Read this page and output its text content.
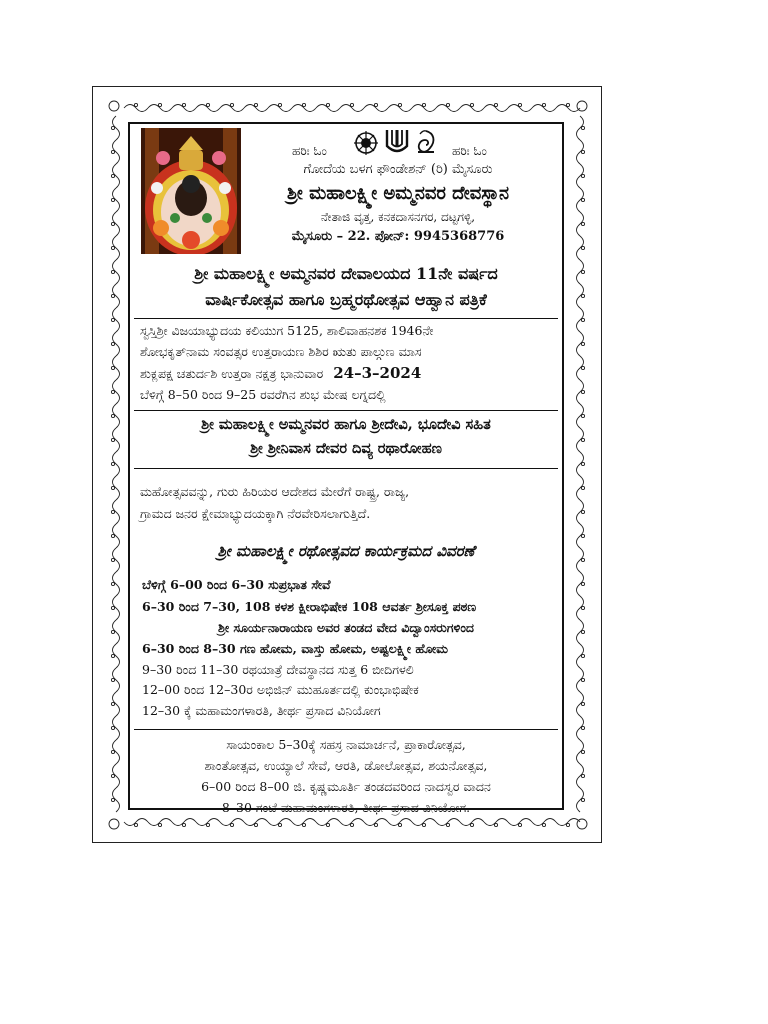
ಹರಿಃ ಓಂ	ಹರಿಃ ಓಂ
ಗೋದೆಯ ಬಳಗ ಫೌಂಡೇಶನ್ (ರಿ) ಮೈಸೂರು
ಶ್ರೀ ಮಹಾಲಕ್ಷ್ಮೀ ಅಮ್ಮನವರ ದೇವಸ್ಥಾನ
ನೇತಾಜಿ ವೃತ್ತ, ಕನಕದಾಸನಗರ, ದಟ್ಟಗಳ್ಳಿ,
ಮೈಸೂರು – 22. ಪೋನ್: 9945368776
ಶ್ರೀ ಮಹಾಲಕ್ಷ್ಮೀ ಅಮ್ಮನವರ ದೇವಾಲಯದ 11ನೇ ವರ್ಷದ
ವಾರ್ಷಿಕೋತ್ಸವ ಹಾಗೂ ಬ್ರಹ್ಮರಥೋತ್ಸವ ಆಹ್ವಾನ ಪತ್ರಿಕೆ
ಸ್ವಸ್ತಿಶ್ರೀ ವಿಜಯಾಭ್ಯುದಯ ಕಲಿಯುಗ 5125, ಶಾಲಿವಾಹನಶಕ 1946ನೇ
ಶೋಭಕೃತ್‌ನಾಮ ಸಂವತ್ಸರ ಉತ್ತರಾಯಣ ಶಿಶಿರ ಋತು ಪಾಲ್ಗುಣ ಮಾಸ
ಶುಕ್ಲಪಕ್ಷ ಚತುರ್ದಶಿ ಉತ್ತರಾ ನಕ್ಷತ್ರ ಭಾನುವಾರ 24–3–2024
ಬೆಳಿಗ್ಗೆ 8–50 ರಿಂದ 9–25 ರವರೆಗಿನ ಶುಭ ಮೇಷ ಲಗ್ನದಲ್ಲಿ
ಶ್ರೀ ಮಹಾಲಕ್ಷ್ಮೀ ಅಮ್ಮನವರ ಹಾಗೂ ಶ್ರೀದೇವಿ, ಭೂದೇವಿ ಸಹಿತ
ಶ್ರೀ ಶ್ರೀನಿವಾಸ ದೇವರ ದಿವ್ಯ ರಥಾರೋಹಣ
ಮಹೋತ್ಸವವನ್ನು, ಗುರು ಹಿರಿಯರ ಆದೇಶದ ಮೇರೆಗೆ ರಾಷ್ಟ್ರ, ರಾಜ್ಯ,
ಗ್ರಾಮದ ಜನರ ಕ್ಷೇಮಾಭ್ಯುದಯಕ್ಕಾಗಿ ನೆರವೇರಿಸಲಾಗುತ್ತಿದೆ.
ಶ್ರೀ ಮಹಾಲಕ್ಷ್ಮೀ ರಥೋತ್ಸವದ ಕಾರ್ಯಕ್ರಮದ ವಿವರಣೆ
ಬೆಳಿಗ್ಗೆ 6–00 ರಿಂದ 6–30 ಸುಪ್ರಭಾತ ಸೇವೆ
6–30 ರಿಂದ 7–30, 108 ಕಳಶ ಕ್ಷೀರಾಭಿಷೇಕ 108 ಆವರ್ತ ಶ್ರೀಸೂಕ್ತ ಪಠಣ
ಶ್ರೀ ಸೂರ್ಯನಾರಾಯಣ ಅವರ ತಂಡದ ವೇದ ವಿದ್ವಾಂಸರುಗಳಿಂದ
6–30 ರಿಂದ 8–30 ಗಣ ಹೋಮ, ವಾಸ್ತು ಹೋಮ, ಅಷ್ಟಲಕ್ಷ್ಮೀ ಹೋಮ
9–30 ರಿಂದ 11–30 ರಥಯಾತ್ರೆ ದೇವಸ್ಥಾನದ ಸುತ್ತ 6 ಬೀದಿಗಳಲಿ
12–00 ರಿಂದ 12–30ರ ಅಭಿಜಿನ್ ಮುಹೂರ್ತದಲ್ಲಿ ಕುಂಭಾಭಿಷೇಕ
12–30 ಕ್ಕೆ ಮಹಾಮಂಗಳಾರತಿ, ತೀರ್ಥ ಪ್ರಸಾದ ವಿನಿಯೋಗ
ಸಾಯಂಕಾಲ 5–30ಕ್ಕೆ ಸಹಸ್ರ ನಾಮಾರ್ಚನೆ, ಪ್ರಾಕಾರೋತ್ಸವ,
ಶಾಂತೋತ್ಸವ, ಉಯ್ಯಾಲೆ ಸೇವೆ, ಆರತಿ, ಡೋಲೋತ್ಸವ, ಶಯನೋತ್ಸವ,
6–00 ರಿಂದ 8–00 ಜಿ. ಕೃಷ್ಣಮೂರ್ತಿ ತಂಡದವರಿಂದ ನಾದಸ್ವರ ವಾದನ
8–30 ಗಂಟೆ ಮಹಾಮಂಗಳಾರತಿ, ತೀರ್ಥ ಪ್ರಸಾದ ವಿನಿಯೋಗ.
